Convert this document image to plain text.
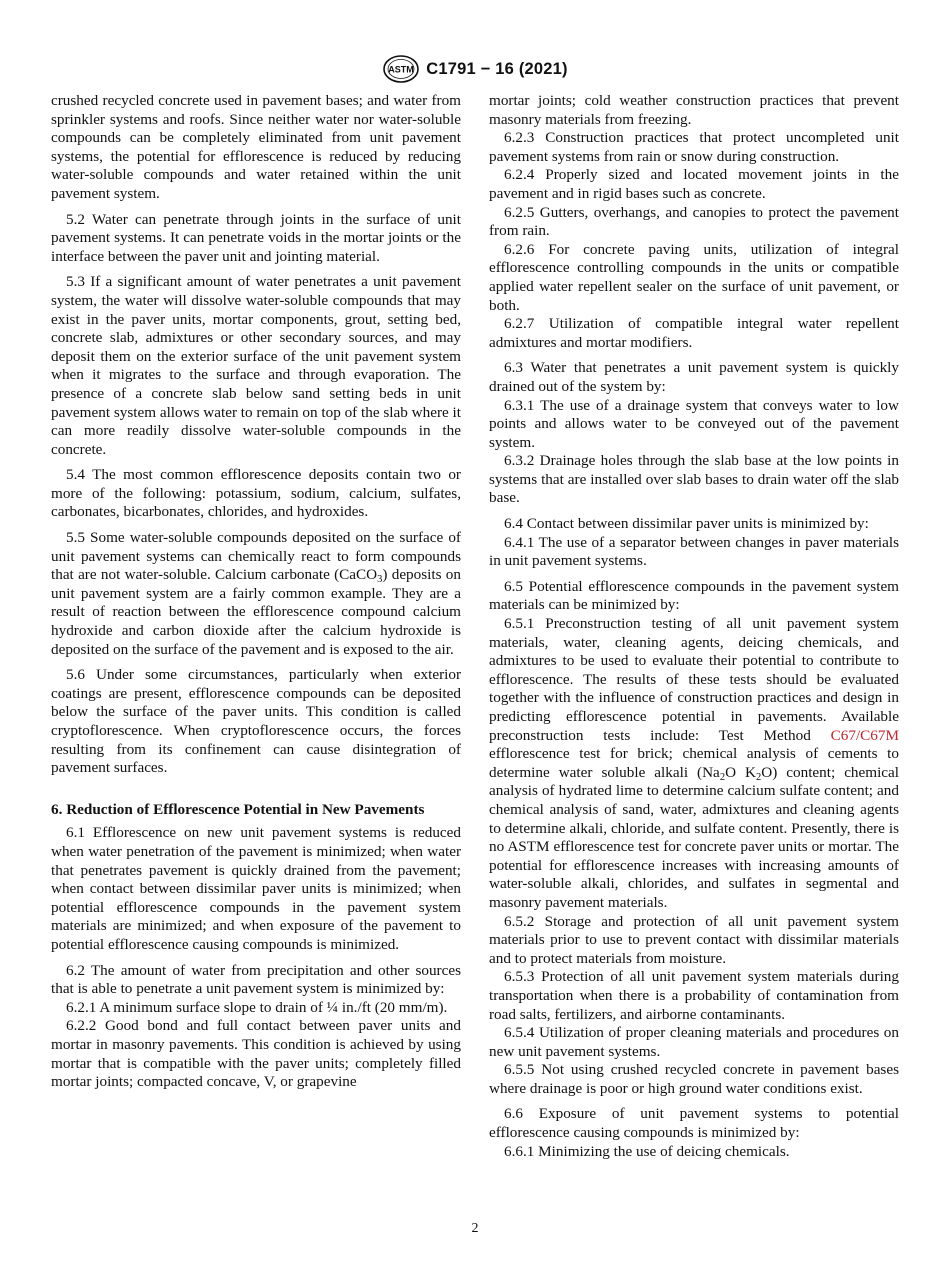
ASTM C1791 − 16 (2021)

crushed recycled concrete used in pavement bases; and water from sprinkler systems and roofs. Since neither water nor water-soluble compounds can be completely eliminated from unit pavement systems, the potential for efflorescence is reduced by reducing water-soluble compounds and water retained within the unit pavement system.

5.2 Water can penetrate through joints in the surface of unit pavement systems. It can penetrate voids in the mortar joints or the interface between the paver unit and jointing material.

5.3 If a significant amount of water penetrates a unit pavement system, the water will dissolve water-soluble compounds that may exist in the paver units, mortar components, grout, setting bed, concrete slab, admixtures or other secondary sources, and may deposit them on the exterior surface of the unit pavement system when it migrates to the surface and through evaporation. The presence of a concrete slab below sand setting beds in unit pavement system allows water to remain on top of the slab where it can more readily dissolve water-soluble compounds in the concrete.

5.4 The most common efflorescence deposits contain two or more of the following: potassium, sodium, calcium, sulfates, carbonates, bicarbonates, chlorides, and hydroxides.

5.5 Some water-soluble compounds deposited on the surface of unit pavement systems can chemically react to form compounds that are not water-soluble. Calcium carbonate (CaCO$_3$) deposits on unit pavement system are a fairly common example. They are a result of reaction between the efflorescence compound calcium hydroxide and carbon dioxide after the calcium hydroxide is deposited on the surface of the pavement and is exposed to the air.

5.6 Under some circumstances, particularly when exterior coatings are present, efflorescence compounds can be deposited below the surface of the paver units. This condition is called cryptoflorescence. When cryptoflorescence occurs, the forces resulting from its confinement can cause disintegration of pavement surfaces.

6. Reduction of Efflorescence Potential in New Pavements

6.1 Efflorescence on new unit pavement systems is reduced when water penetration of the pavement is minimized; when water that penetrates pavement is quickly drained from the pavement; when contact between dissimilar paver units is minimized; when potential efflorescence compounds in the pavement system materials are minimized; and when exposure of the pavement to potential efflorescence causing compounds is minimized.

6.2 The amount of water from precipitation and other sources that is able to penetrate a unit pavement system is minimized by:

6.2.1 A minimum surface slope to drain of ¼ in./ft (20 mm/m).

6.2.2 Good bond and full contact between paver units and mortar in masonry pavements. This condition is achieved by using mortar that is compatible with the paver units; completely filled mortar joints; compacted concave, V, or grapevine

mortar joints; cold weather construction practices that prevent masonry materials from freezing.

6.2.3 Construction practices that protect uncompleted unit pavement systems from rain or snow during construction.

6.2.4 Properly sized and located movement joints in the pavement and in rigid bases such as concrete.

6.2.5 Gutters, overhangs, and canopies to protect the pavement from rain.

6.2.6 For concrete paving units, utilization of integral efflorescence controlling compounds in the units or compatible applied water repellent sealer on the surface of unit pavement, or both.

6.2.7 Utilization of compatible integral water repellent admixtures and mortar modifiers.

6.3 Water that penetrates a unit pavement system is quickly drained out of the system by:

6.3.1 The use of a drainage system that conveys water to low points and allows water to be conveyed out of the pavement system.

6.3.2 Drainage holes through the slab base at the low points in systems that are installed over slab bases to drain water off the slab base.

6.4 Contact between dissimilar paver units is minimized by:

6.4.1 The use of a separator between changes in paver materials in unit pavement systems.

6.5 Potential efflorescence compounds in the pavement system materials can be minimized by:

6.5.1 Preconstruction testing of all unit pavement system materials, water, cleaning agents, deicing chemicals, and admixtures to be used to evaluate their potential to contribute to efflorescence. The results of these tests should be evaluated together with the influence of construction practices and design in predicting efflorescence potential in pavements. Available preconstruction tests include: Test Method C67/C67M efflorescence test for brick; chemical analysis of cements to determine water soluble alkali ($Na_2O$ $K_2O$) content; chemical analysis of hydrated lime to determine calcium sulfate content; and chemical analysis of sand, water, admixtures and cleaning agents to determine alkali, chloride, and sulfate content. Presently, there is no ASTM efflorescence test for concrete paver units or mortar. The potential for efflorescence increases with increasing amounts of water-soluble alkali, chlorides, and sulfates in segmental and masonry pavement materials.

6.5.2 Storage and protection of all unit pavement system materials prior to use to prevent contact with dissimilar materials and to protect materials from moisture.

6.5.3 Protection of all unit pavement system materials during transportation when there is a probability of contamination from road salts, fertilizers, and airborne contaminants.

6.5.4 Utilization of proper cleaning materials and procedures on new unit pavement systems.

6.5.5 Not using crushed recycled concrete in pavement bases where drainage is poor or high ground water conditions exist.

6.6 Exposure of unit pavement systems to potential efflorescence causing compounds is minimized by:

6.6.1 Minimizing the use of deicing chemicals.

2
